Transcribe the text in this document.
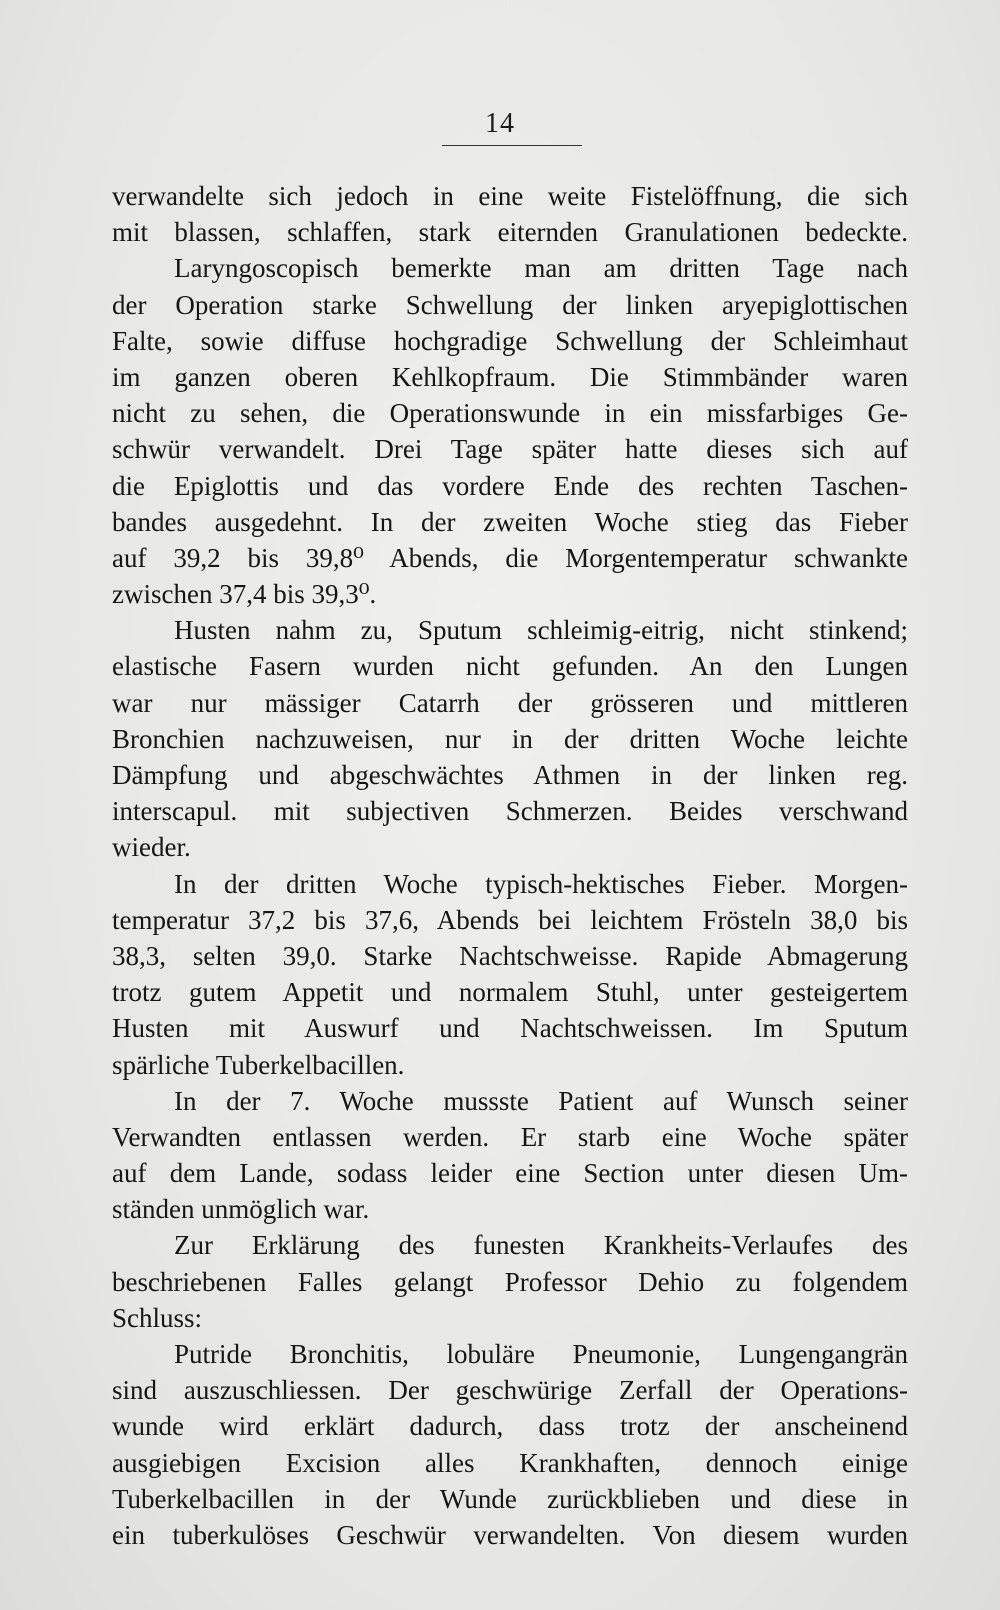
14
verwandelte sich jedoch in eine weite Fistelöffnung, die sich
mit blassen, schlaffen, stark eiternden Granulationen bedeckte.
Laryngoscopisch bemerkte man am dritten Tage nach
der Operation starke Schwellung der linken aryepiglottischen
Falte, sowie diffuse hochgradige Schwellung der Schleimhaut
im ganzen oberen Kehlkopfraum. Die Stimmbänder waren
nicht zu sehen, die Operationswunde in ein missfarbiges Ge-
schwür verwandelt. Drei Tage später hatte dieses sich auf
die Epiglottis und das vordere Ende des rechten Taschen-
bandes ausgedehnt. In der zweiten Woche stieg das Fieber
auf 39,2 bis 39,8⁰ Abends, die Morgentemperatur schwankte
zwischen 37,4 bis 39,3⁰.
Husten nahm zu, Sputum schleimig-eitrig, nicht stinkend;
elastische Fasern wurden nicht gefunden. An den Lungen
war nur mässiger Catarrh der grösseren und mittleren
Bronchien nachzuweisen, nur in der dritten Woche leichte
Dämpfung und abgeschwächtes Athmen in der linken reg.
interscapul. mit subjectiven Schmerzen. Beides verschwand
wieder.
In der dritten Woche typisch-hektisches Fieber. Morgen-
temperatur 37,2 bis 37,6, Abends bei leichtem Frösteln 38,0 bis
38,3, selten 39,0. Starke Nachtschweisse. Rapide Abmagerung
trotz gutem Appetit und normalem Stuhl, unter gesteigertem
Husten mit Auswurf und Nachtschweissen. Im Sputum
spärliche Tuberkelbacillen.
In der 7. Woche mussste Patient auf Wunsch seiner
Verwandten entlassen werden. Er starb eine Woche später
auf dem Lande, sodass leider eine Section unter diesen Um-
ständen unmöglich war.
Zur Erklärung des funesten Krankheits-Verlaufes des
beschriebenen Falles gelangt Professor Dehio zu folgendem
Schluss:
Putride Bronchitis, lobuläre Pneumonie, Lungengangrän
sind auszuschliessen. Der geschwürige Zerfall der Operations-
wunde wird erklärt dadurch, dass trotz der anscheinend
ausgiebigen Excision alles Krankhaften, dennoch einige
Tuberkelbacillen in der Wunde zurückblieben und diese in
ein tuberkulöses Geschwür verwandelten. Von diesem wurden
